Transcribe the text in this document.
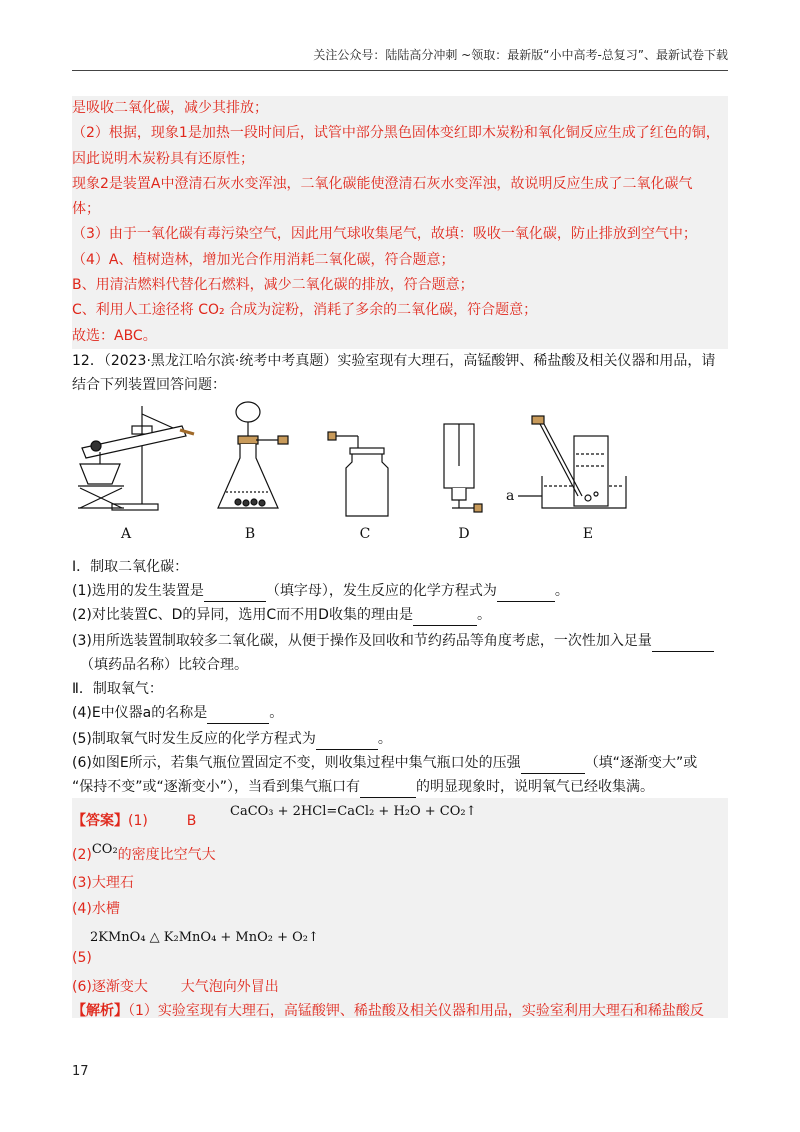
关注公众号：陆陆高分冲刺 ~领取：最新版“小中高考-总复习”、最新试卷下载
是吸收二氧化碳，减少其排放；
（2）根据，现象1是加热一段时间后，试管中部分黑色固体变红即木炭粉和氧化铜反应生成了红色的铜，
因此说明木炭粉具有还原性；
现象2是装置A中澄清石灰水变浑浊，二氧化碳能使澄清石灰水变浑浊，故说明反应生成了二氧化碳气
体；
（3）由于一氧化碳有毒污染空气，因此用气球收集尾气，故填：吸收一氧化碳，防止排放到空气中；
（4）A、植树造林，增加光合作用消耗二氧化碳，符合题意；
B、用清洁燃料代替化石燃料，减少二氧化碳的排放，符合题意；
C、利用人工途径将 CO₂ 合成为淀粉，消耗了多余的二氧化碳，符合题意；
故选：ABC。
12．（2023·黑龙江哈尔滨·统考中考真题）实验室现有大理石，高锰酸钾、稀盐酸及相关仪器和用品，请
结合下列装置回答问题：
a
A	B	C	D	E
Ⅰ．制取二氧化碳：
(1)选用的发生装置是	（填字母），发生反应的化学方程式为	。
(2)对比装置C、D的异同，选用C而不用D收集的理由是	。
(3)用所选装置制取较多二氧化碳，从便于操作及回收和节约药品等角度考虑，一次性加入足量
（填药品名称）比较合理。
Ⅱ．制取氧气：
(4)E中仪器a的名称是	。
(5)制取氧气时发生反应的化学方程式为	。
(6)如图E所示，若集气瓶位置固定不变，则收集过程中集气瓶口处的压强	（填“逐渐变大”或
“保持不变”或“逐渐变小”），当看到集气瓶口有	的明显现象时，说明氧气已经收集满。
【答案】(1)	B
CaCO₃ + 2HCl=CaCl₂ + H₂O + CO₂↑
(2)CO₂的密度比空气大
(3)大理石
(4)水槽
2KMnO₄ △ K₂MnO₄ + MnO₂ + O₂↑
(5)
(6)逐渐变大 大气泡向外冒出
【解析】（1）实验室现有大理石，高锰酸钾、稀盐酸及相关仪器和用品，实验室利用大理石和稀盐酸反
17
